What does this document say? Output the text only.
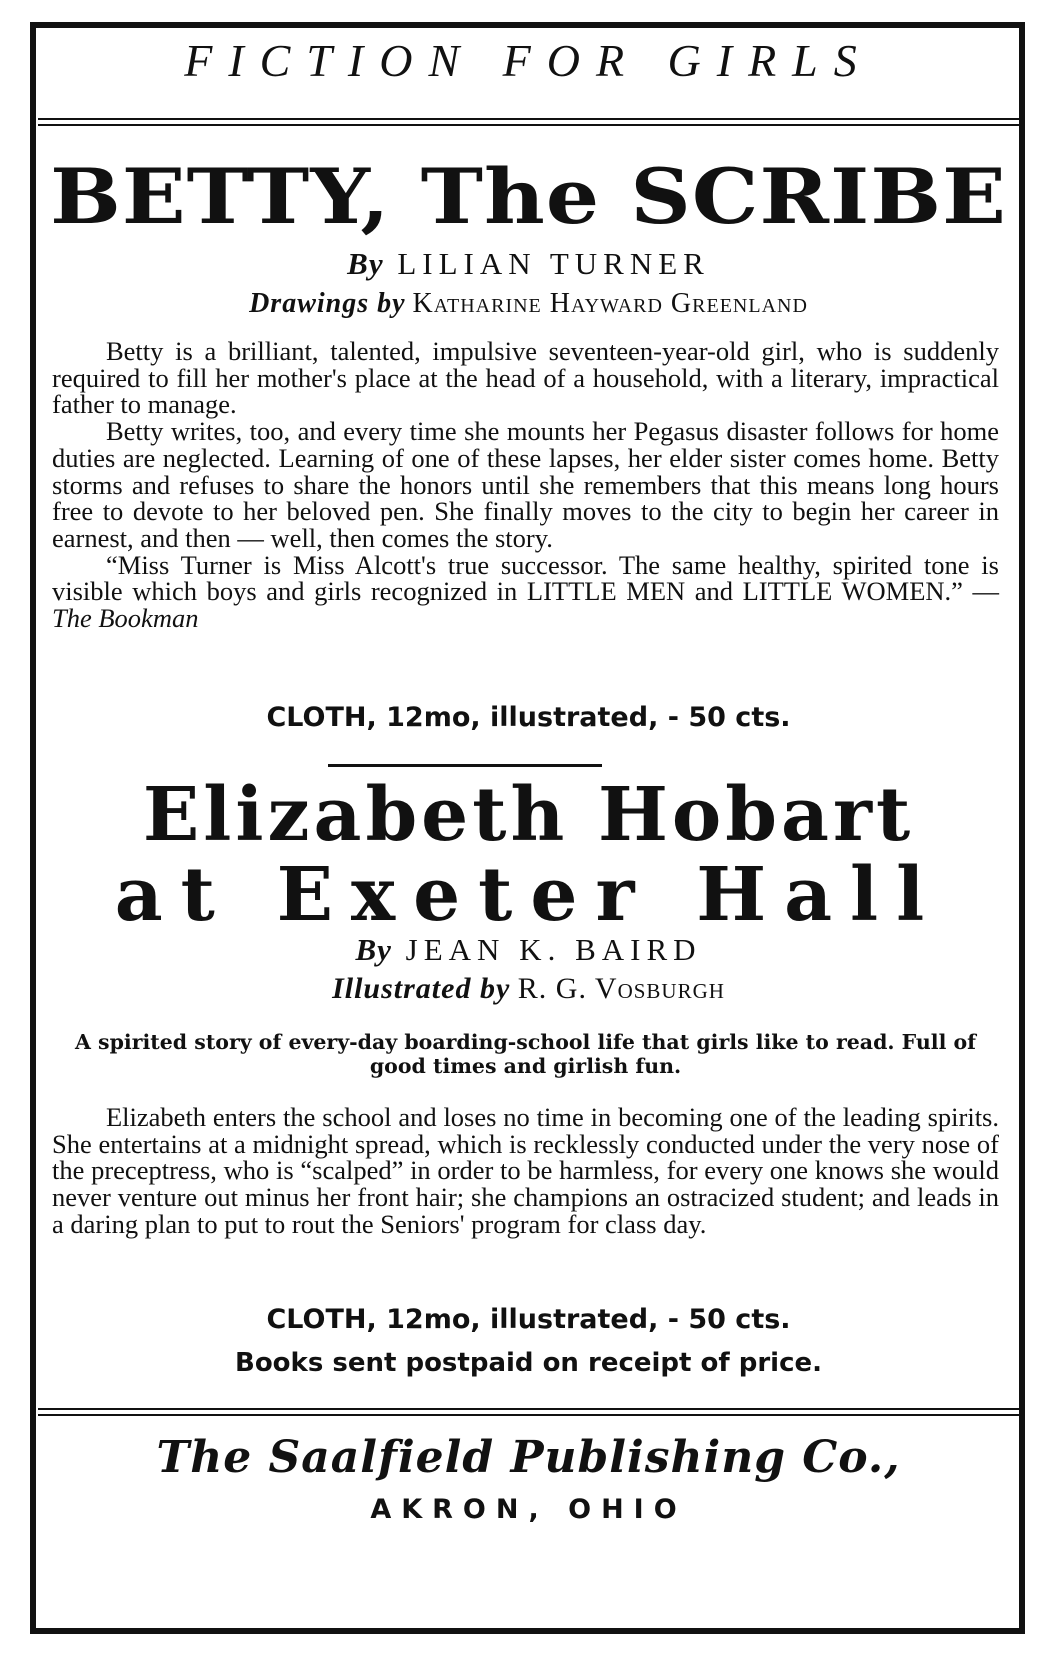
FICTION FOR GIRLS
BETTY, The SCRIBE
By LILIAN TURNER
Drawings by Katharine Hayward Greenland

Betty is a brilliant, talented, impulsive seventeen-year-old girl, who is suddenly required to fill her mother's place at the head of a household, with a literary, impractical father to manage.

Betty writes, too, and every time she mounts her Pegasus disaster follows for home duties are neglected. Learning of one of these lapses, her elder sister comes home. Betty storms and refuses to share the honors until she remembers that this means long hours free to devote to her beloved pen. She finally moves to the city to begin her career in earnest, and then — well, then comes the story.

“Miss Turner is Miss Alcott's true successor. The same healthy, spirited tone is visible which boys and girls recognized in LITTLE MEN and LITTLE WOMEN.” — The Bookman

CLOTH, 12mo, illustrated, - 50 cts.
Elizabeth Hobart
at Exeter Hall
By JEAN K. BAIRD
Illustrated by R. G. Vosburgh
A spirited story of every-day boarding-school life that girls like to read. Full of good times and girlish fun.

Elizabeth enters the school and loses no time in becoming one of the leading spirits. She entertains at a midnight spread, which is recklessly conducted under the very nose of the preceptress, who is “scalped” in order to be harmless, for every one knows she would never venture out minus her front hair; she champions an ostracized student; and leads in a daring plan to put to rout the Seniors' program for class day.

CLOTH, 12mo, illustrated, - 50 cts.
Books sent postpaid on receipt of price.
The Saalfield Publishing Co.,
AKRON, OHIO
